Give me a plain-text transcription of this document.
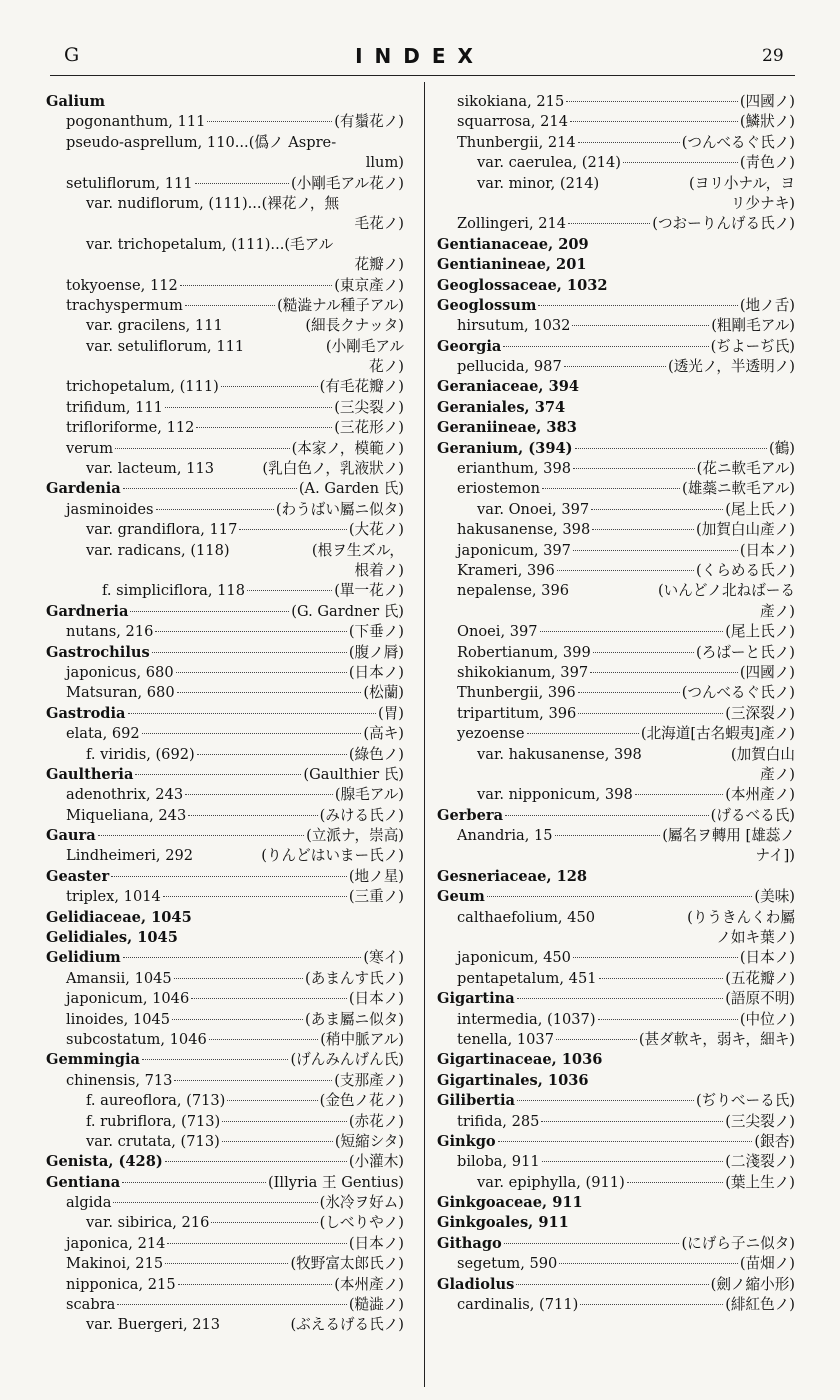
G	INDEX	29
Galium
pogonanthum, 111	(有鬚花ノ)
pseudo-asprellum, 110...(僞ノ Aspre-
llum)
setuliflorum, 111	(小剛毛アル花ノ)
var. nudiflorum, (111)...(裸花ノ，無
毛花ノ)
var. trichopetalum, (111)...(毛アル
花瓣ノ)
tokyoense, 112	(東京產ノ)
trachyspermum	(糙澁ナル種子アル)
var. gracilens, 111	(細長クナッタ)
var. setuliflorum, 111	(小剛毛アル
花ノ)
trichopetalum, (111)	(有毛花瓣ノ)
trifidum, 111	(三尖裂ノ)
trifloriforme, 112	(三花形ノ)
verum	(本家ノ，模範ノ)
var. lacteum, 113	(乳白色ノ，乳液狀ノ)
Gardenia	(A. Garden 氏)
jasminoides	(わうばい屬ニ似タ)
var. grandiflora, 117	(大花ノ)
var. radicans, (118)	(根ヲ生ズル，
根着ノ)
f. simpliciflora, 118	(單一花ノ)
Gardneria	(G. Gardner 氏)
nutans, 216	(下垂ノ)
Gastrochilus	(腹ノ脣)
japonicus, 680	(日本ノ)
Matsuran, 680	(松蘭)
Gastrodia	(胃)
elata, 692	(高キ)
f. viridis, (692)	(綠色ノ)
Gaultheria	(Gaulthier 氏)
adenothrix, 243	(腺毛アル)
Miqueliana, 243	(みける氏ノ)
Gaura	(立派ナ，崇高)
Lindheimeri, 292	(りんどはいまー氏ノ)
Geaster	(地ノ星)
triplex, 1014	(三重ノ)
Gelidiaceae, 1045
Gelidiales, 1045
Gelidium	(寒イ)
Amansii, 1045	(あまんす氏ノ)
japonicum, 1046	(日本ノ)
linoides, 1045	(あま屬ニ似タ)
subcostatum, 1046	(稍中脈アル)
Gemmingia	(げんみんげん氏)
chinensis, 713	(支那產ノ)
f. aureoflora, (713)	(金色ノ花ノ)
f. rubriflora, (713)	(赤花ノ)
var. crutata, (713)	(短縮シタ)
Genista, (428)	(小灌木)
Gentiana	(Illyria 王 Gentius)
algida	(氷冷ヲ好ム)
var. sibirica, 216	(しべりやノ)
japonica, 214	(日本ノ)
Makinoi, 215	(牧野富太郎氏ノ)
nipponica, 215	(本州產ノ)
scabra	(糙澁ノ)
var. Buergeri, 213	(ぶえるげる氏ノ)
sikokiana, 215	(四國ノ)
squarrosa, 214	(鱗狀ノ)
Thunbergii, 214	(つんべるぐ氏ノ)
var. caerulea, (214)	(靑色ノ)
var. minor, (214)	(ヨリ小ナル，ヨ
リ少ナキ)
Zollingeri, 214	(つおーりんげる氏ノ)
Gentianaceae, 209
Gentianineae, 201
Geoglossaceae, 1032
Geoglossum	(地ノ舌)
hirsutum, 1032	(粗剛毛アル)
Georgia	(ぢよーぢ氏)
pellucida, 987	(透光ノ，半透明ノ)
Geraniaceae, 394
Geraniales, 374
Geraniineae, 383
Geranium, (394)	(鶴)
erianthum, 398	(花ニ軟毛アル)
eriostemon	(雄蘂ニ軟毛アル)
var. Onoei, 397	(尾上氏ノ)
hakusanense, 398	(加賀白山產ノ)
japonicum, 397	(日本ノ)
Krameri, 396	(くらめる氏ノ)
nepalense, 396	(いんどノ北ねばーる
產ノ)
Onoei, 397	(尾上氏ノ)
Robertianum, 399	(ろばーと氏ノ)
shikokianum, 397	(四國ノ)
Thunbergii, 396	(つんべるぐ氏ノ)
tripartitum, 396	(三深裂ノ)
yezoense	(北海道[古名蝦夷]產ノ)
var. hakusanense, 398	(加賀白山
產ノ)
var. nipponicum, 398	(本州產ノ)
Gerbera	(げるべる氏)
Anandria, 15	(屬名ヲ轉用 [雄蕊ノ
ナイ])
Gesneriaceae, 128
Geum	(美味)
calthaefolium, 450	(りうきんくわ屬
ノ如キ葉ノ)
japonicum, 450	(日本ノ)
pentapetalum, 451	(五花瓣ノ)
Gigartina	(語原不明)
intermedia, (1037)	(中位ノ)
tenella, 1037	(甚ダ軟キ，弱キ，細キ)
Gigartinaceae, 1036
Gigartinales, 1036
Gilibertia	(ぢりべーる氏)
trifida, 285	(三尖裂ノ)
Ginkgo	(銀杏)
biloba, 911	(二淺裂ノ)
var. epiphylla, (911)	(葉上生ノ)
Ginkgoaceae, 911
Ginkgoales, 911
Githago	(にげら子ニ似タ)
segetum, 590	(苗畑ノ)
Gladiolus	(劍ノ縮小形)
cardinalis, (711)	(緋紅色ノ)
